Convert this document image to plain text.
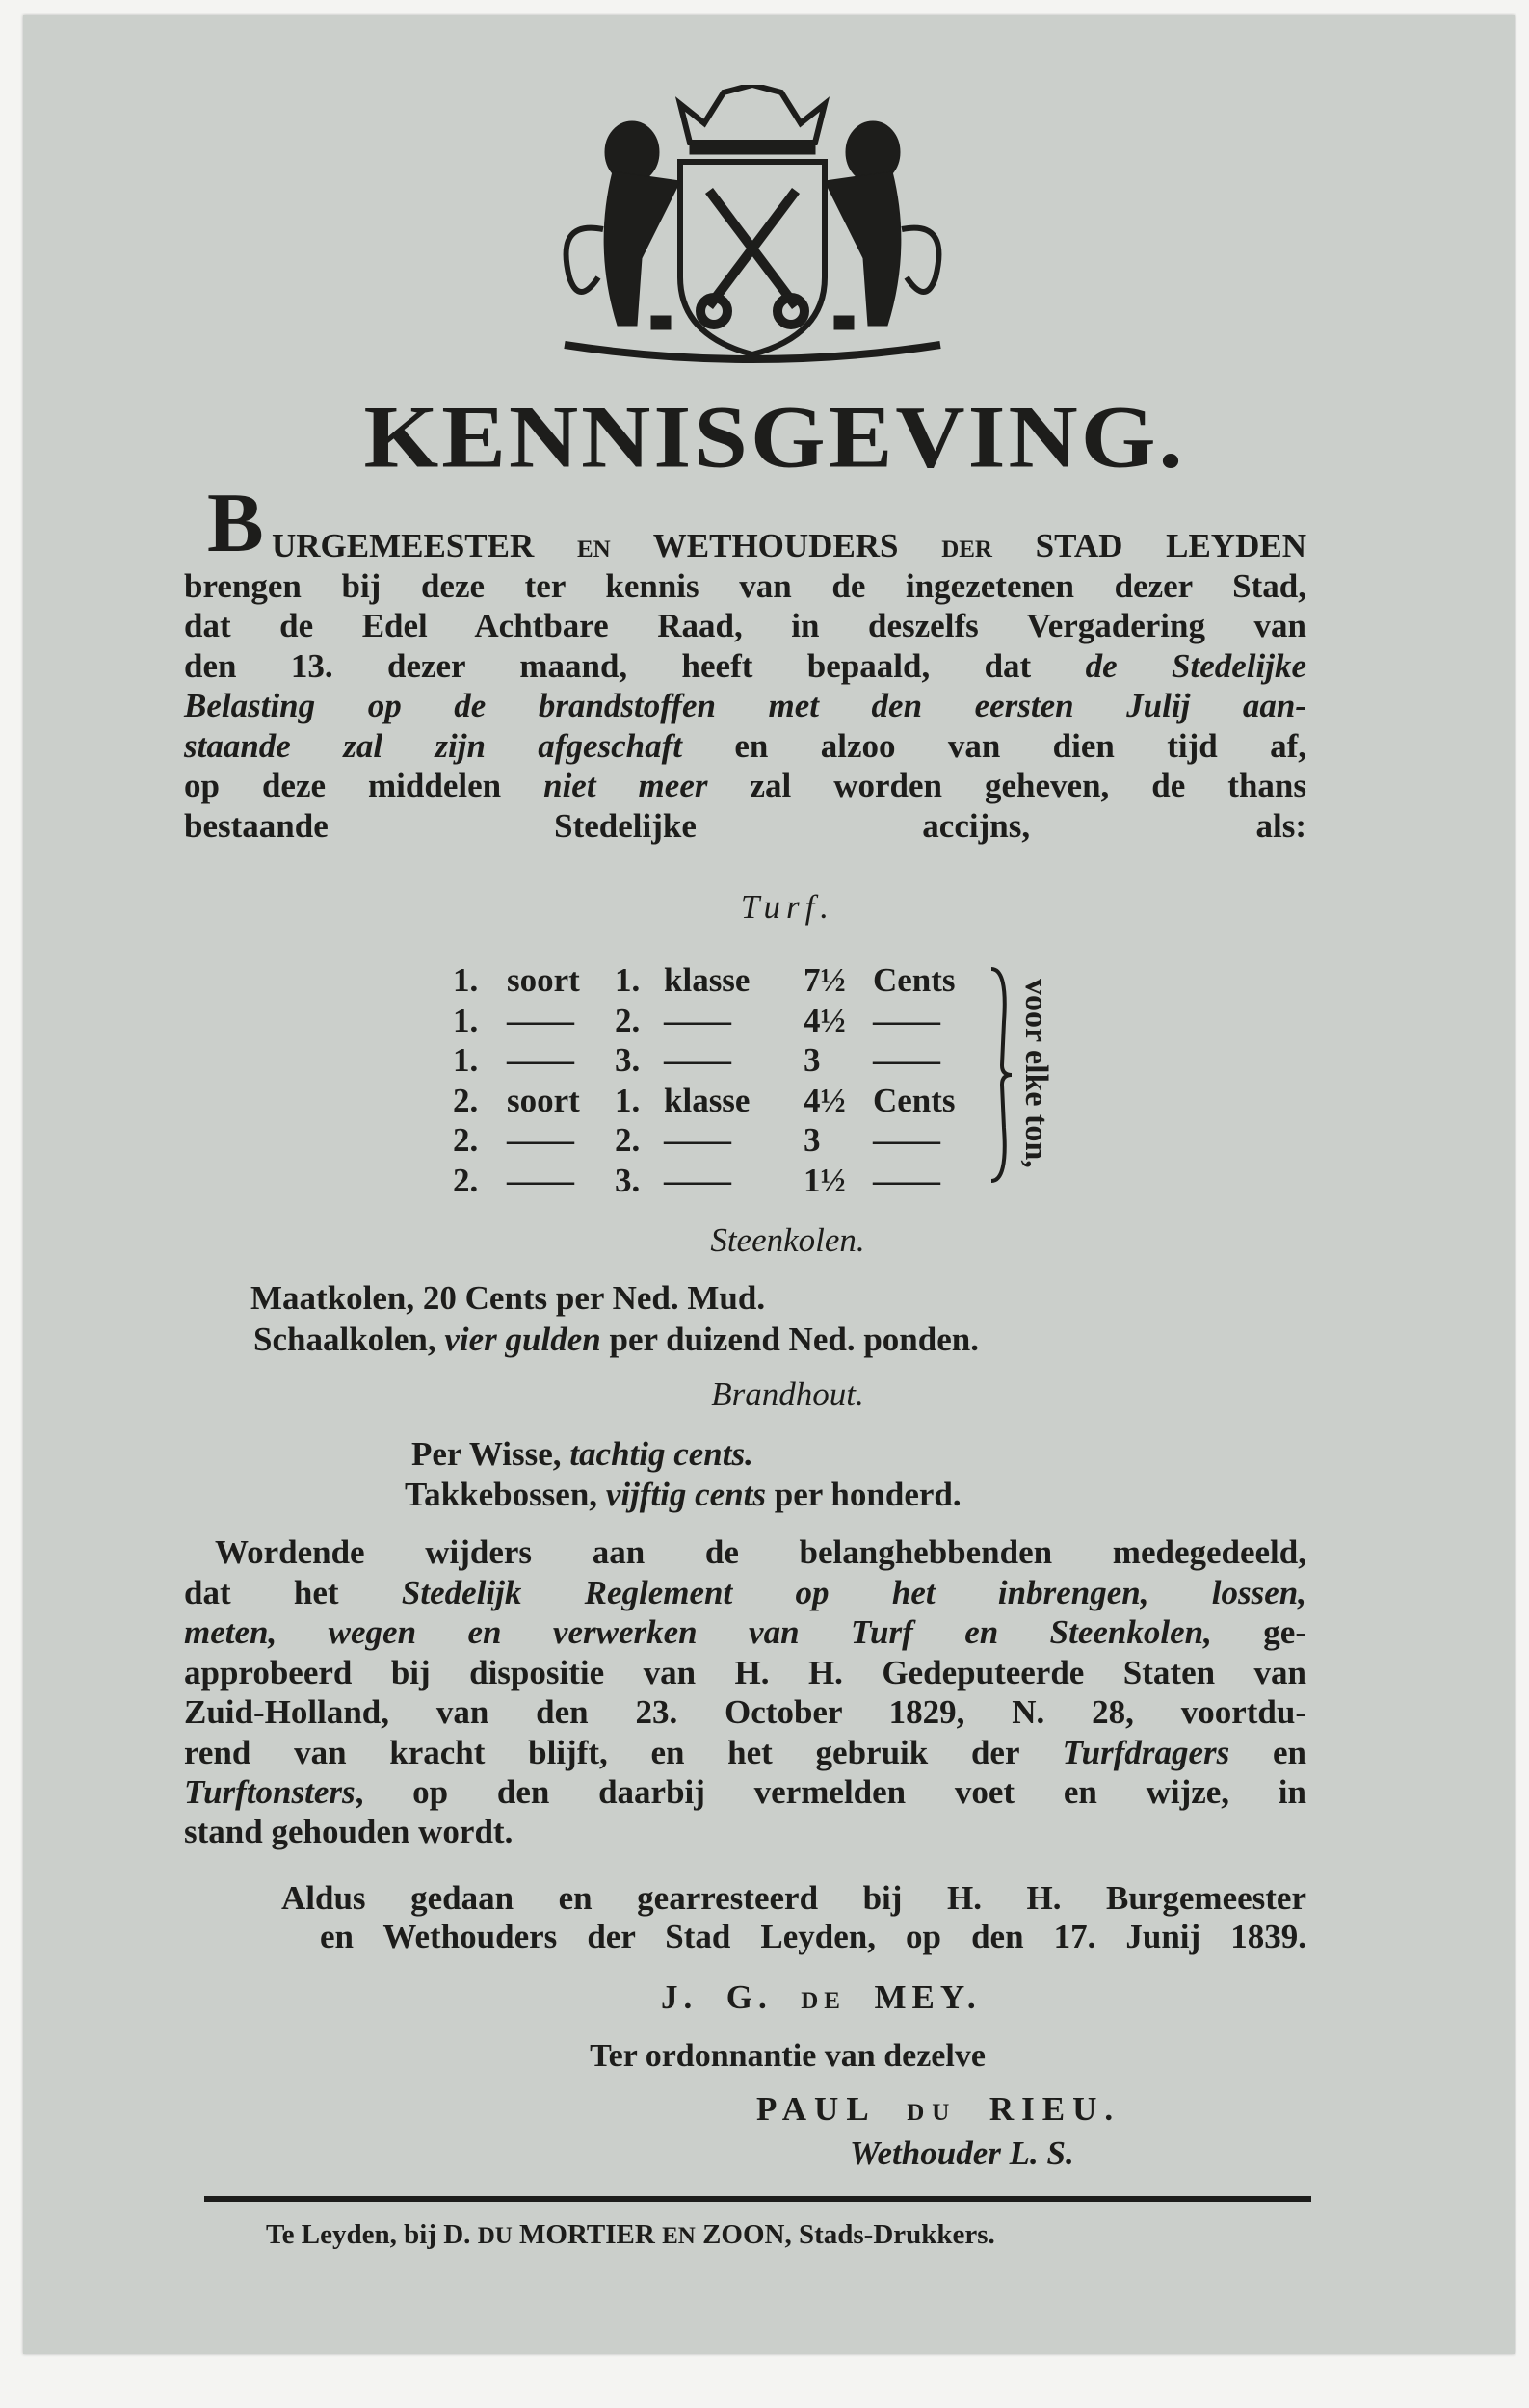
KENNISGEVING.
B
Turf.
voor elke ton,
Steenkolen.
Brandhout.
Ter ordonnantie van dezelve
Wethouder L. S.
URGEMEESTER EN WETHOUDERS DER STAD LEYDEN
brengen bij deze ter kennis van de ingezetenen dezer Stad,
dat de Edel Achtbare Raad, in deszelfs Vergadering van
den 13. dezer maand, heeft bepaald, dat de Stedelijke
Belasting op de brandstoffen met den eersten Julij aan-
staande zal zijn afgeschaft en alzoo van dien tijd af,
op deze middelen niet meer zal worden geheven, de thans
bestaande Stedelijke accijns, als:
1. soort 1. klasse 7½ Cents
1. —— 2. —— 4½ ——
1. —— 3. —— 3 ——
2. soort 1. klasse 4½ Cents
2. —— 2. —— 3 ——
2. —— 3. —— 1½ ——
Maatkolen, 20 Cents per Ned. Mud.
Schaalkolen, vier gulden per duizend Ned. ponden.
Per Wisse, tachtig cents.
Takkebossen, vijftig cents per honderd.
Wordende wijders aan de belanghebbenden medegedeeld,
dat het Stedelijk Reglement op het inbrengen, lossen,
meten, wegen en verwerken van Turf en Steenkolen, ge-
approbeerd bij dispositie van H. H. Gedeputeerde Staten van
Zuid-Holland, van den 23. October 1829, N. 28, voortdu-
rend van kracht blijft, en het gebruik der Turfdragers en
Turftonsters, op den daarbij vermelden voet en wijze, in
stand gehouden wordt.
Aldus gedaan en gearresteerd bij H. H. Burgemeester
en Wethouders der Stad Leyden, op den 17. Junij 1839.
J.  G.  DE  MEY.
PAUL  DU  RIEU.
Te Leyden, bij D. DU MORTIER EN ZOON, Stads-Drukkers.
